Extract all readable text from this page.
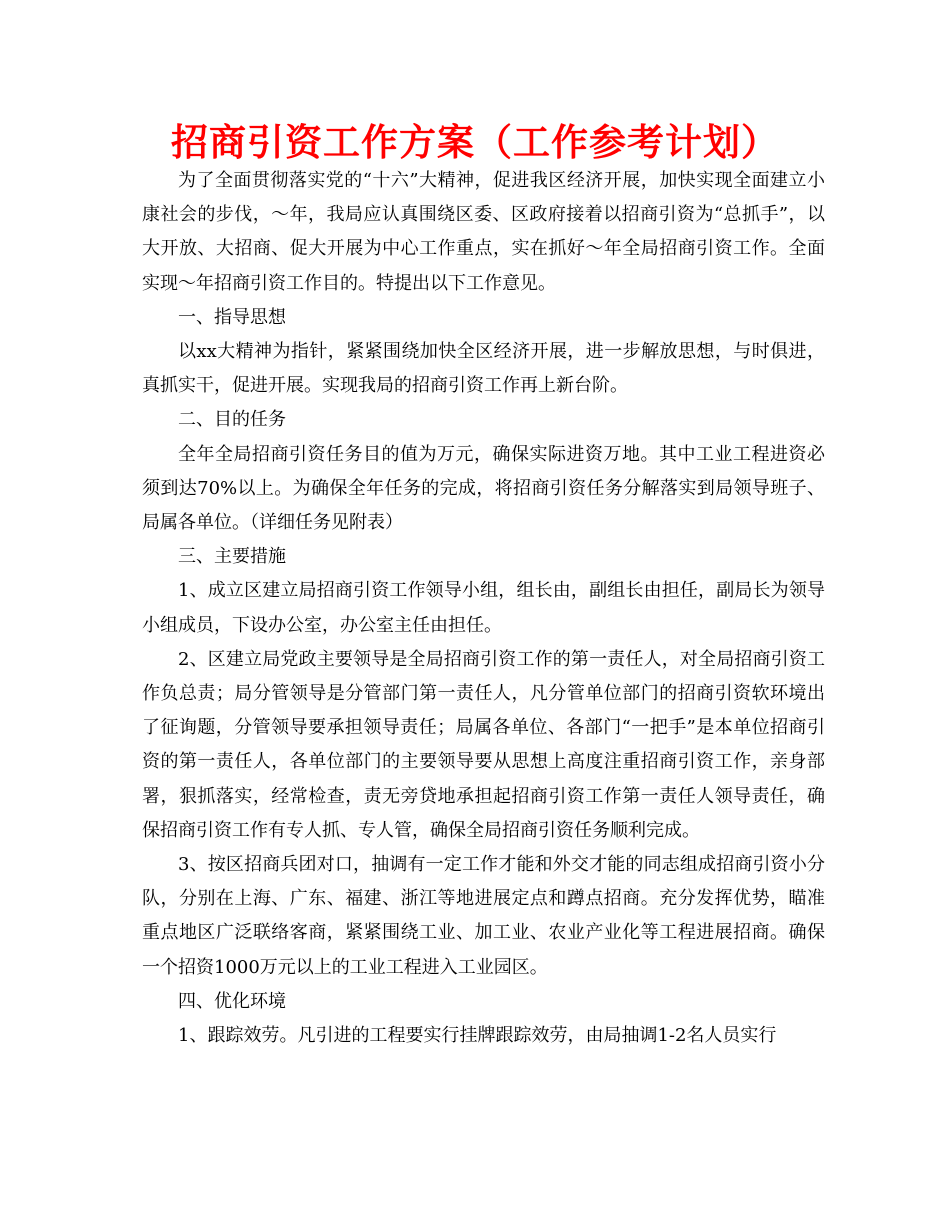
招商引资工作方案（工作参考计划）

为了全面贯彻落实党的“十六”大精神，促进我区经济开展，加快实现全面建立小康社会的步伐，～年，我局应认真围绕区委、区政府接着以招商引资为“总抓手”，以大开放、大招商、促大开展为中心工作重点，实在抓好～年全局招商引资工作。全面实现～年招商引资工作目的。特提出以下工作意见。

一、指导思想

以xx大精神为指针，紧紧围绕加快全区经济开展，进一步解放思想，与时俱进，真抓实干，促进开展。实现我局的招商引资工作再上新台阶。

二、目的任务

全年全局招商引资任务目的值为万元，确保实际进资万地。其中工业工程进资必须到达70%以上。为确保全年任务的完成，将招商引资任务分解落实到局领导班子、局属各单位。（详细任务见附表）

三、主要措施

1、成立区建立局招商引资工作领导小组，组长由，副组长由担任，副局长为领导小组成员，下设办公室，办公室主任由担任。

2、区建立局党政主要领导是全局招商引资工作的第一责任人，对全局招商引资工作负总责；局分管领导是分管部门第一责任人，凡分管单位部门的招商引资软环境出了征询题，分管领导要承担领导责任；局属各单位、各部门“一把手”是本单位招商引资的第一责任人，各单位部门的主要领导要从思想上高度注重招商引资工作，亲身部署，狠抓落实，经常检查，责无旁贷地承担起招商引资工作第一责任人领导责任，确保招商引资工作有专人抓、专人管，确保全局招商引资任务顺利完成。

3、按区招商兵团对口，抽调有一定工作才能和外交才能的同志组成招商引资小分队，分别在上海、广东、福建、浙江等地进展定点和蹲点招商。充分发挥优势，瞄准重点地区广泛联络客商，紧紧围绕工业、加工业、农业产业化等工程进展招商。确保一个招资1000万元以上的工业工程进入工业园区。

四、优化环境

1、跟踪效劳。凡引进的工程要实行挂牌跟踪效劳，由局抽调1-2名人员实行
